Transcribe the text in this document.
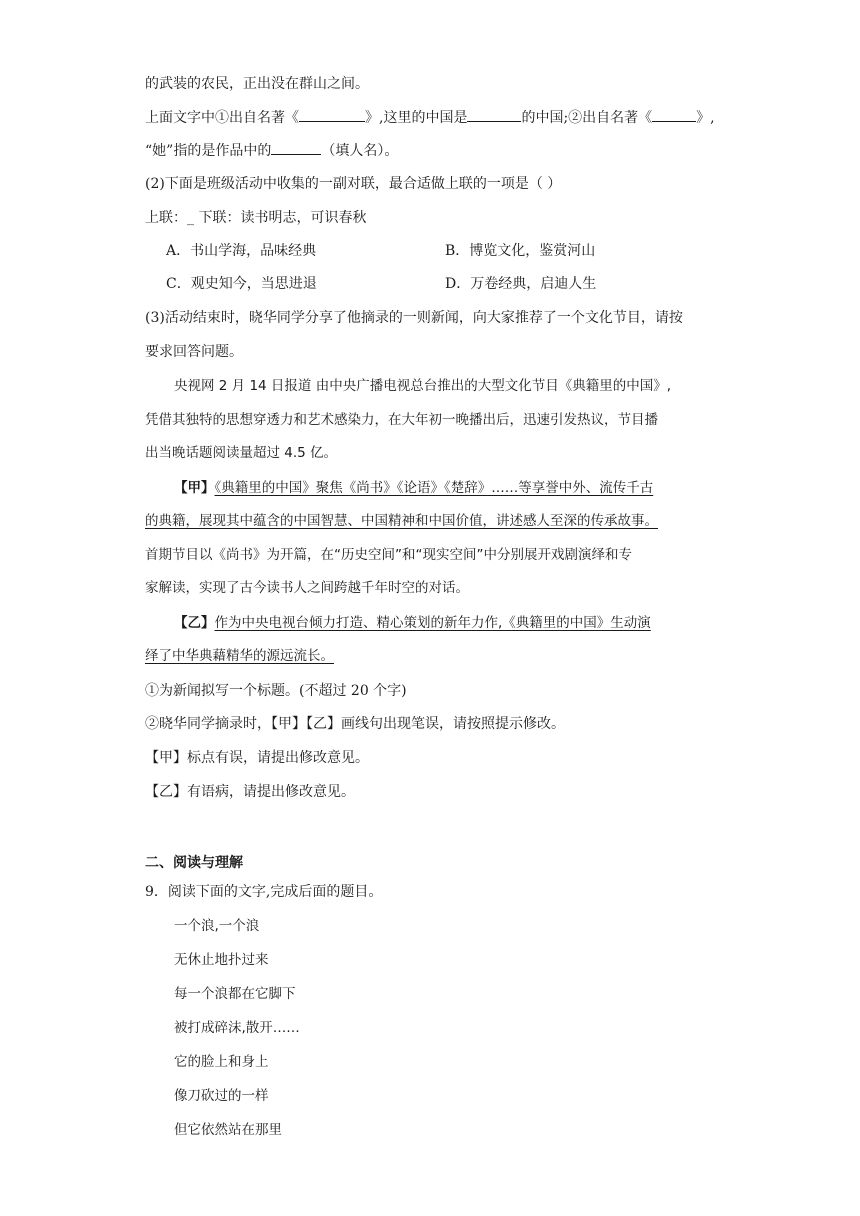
的武装的农民，正出没在群山之间。
上面文字中①出自名著《	》,这里的中国是	的中国;②出自名著《	》,
“她”指的是作品中的	（填人名）。
(2)下面是班级活动中收集的一副对联，最合适做上联的一项是（ ）
上联：_ 下联：读书明志，可识春秋
A．书山学海，品味经典	B．博览文化，鉴赏河山
C．观史知今，当思进退	D．万卷经典，启迪人生
(3)活动结束时，晓华同学分享了他摘录的一则新闻，向大家推荐了一个文化节目，请按
要求回答问题。
央视网 2 月 14 日报道 由中央广播电视总台推出的大型文化节目《典籍里的中国》,
凭借其独特的思想穿透力和艺术感染力，在大年初一晚播出后，迅速引发热议，节目播
出当晚话题阅读量超过 4.5 亿。
【甲】《典籍里的中国》聚焦《尚书》《论语》《楚辞》……等享誉中外、流传千古
的典籍，展现其中蕴含的中国智慧、中国精神和中国价值，讲述感人至深的传承故事。
首期节目以《尚书》为开篇，在“历史空间”和“现实空间”中分别展开戏剧演绎和专
家解读，实现了古今读书人之间跨越千年时空的对话。
【乙】作为中央电视台倾力打造、精心策划的新年力作,《典籍里的中国》生动演
绎了中华典藉精华的源远流长。
①为新闻拟写一个标题。(不超过 20 个字)
②晓华同学摘录时，【甲】【乙】画线句出现笔误，请按照提示修改。
【甲】标点有误，请提出修改意见。
【乙】有语病，请提出修改意见。
二、阅读与理解
9．阅读下面的文字,完成后面的题目。
一个浪,一个浪
无休止地扑过来
每一个浪都在它脚下
被打成碎沫,散开……
它的脸上和身上
像刀砍过的一样
但它依然站在那里
